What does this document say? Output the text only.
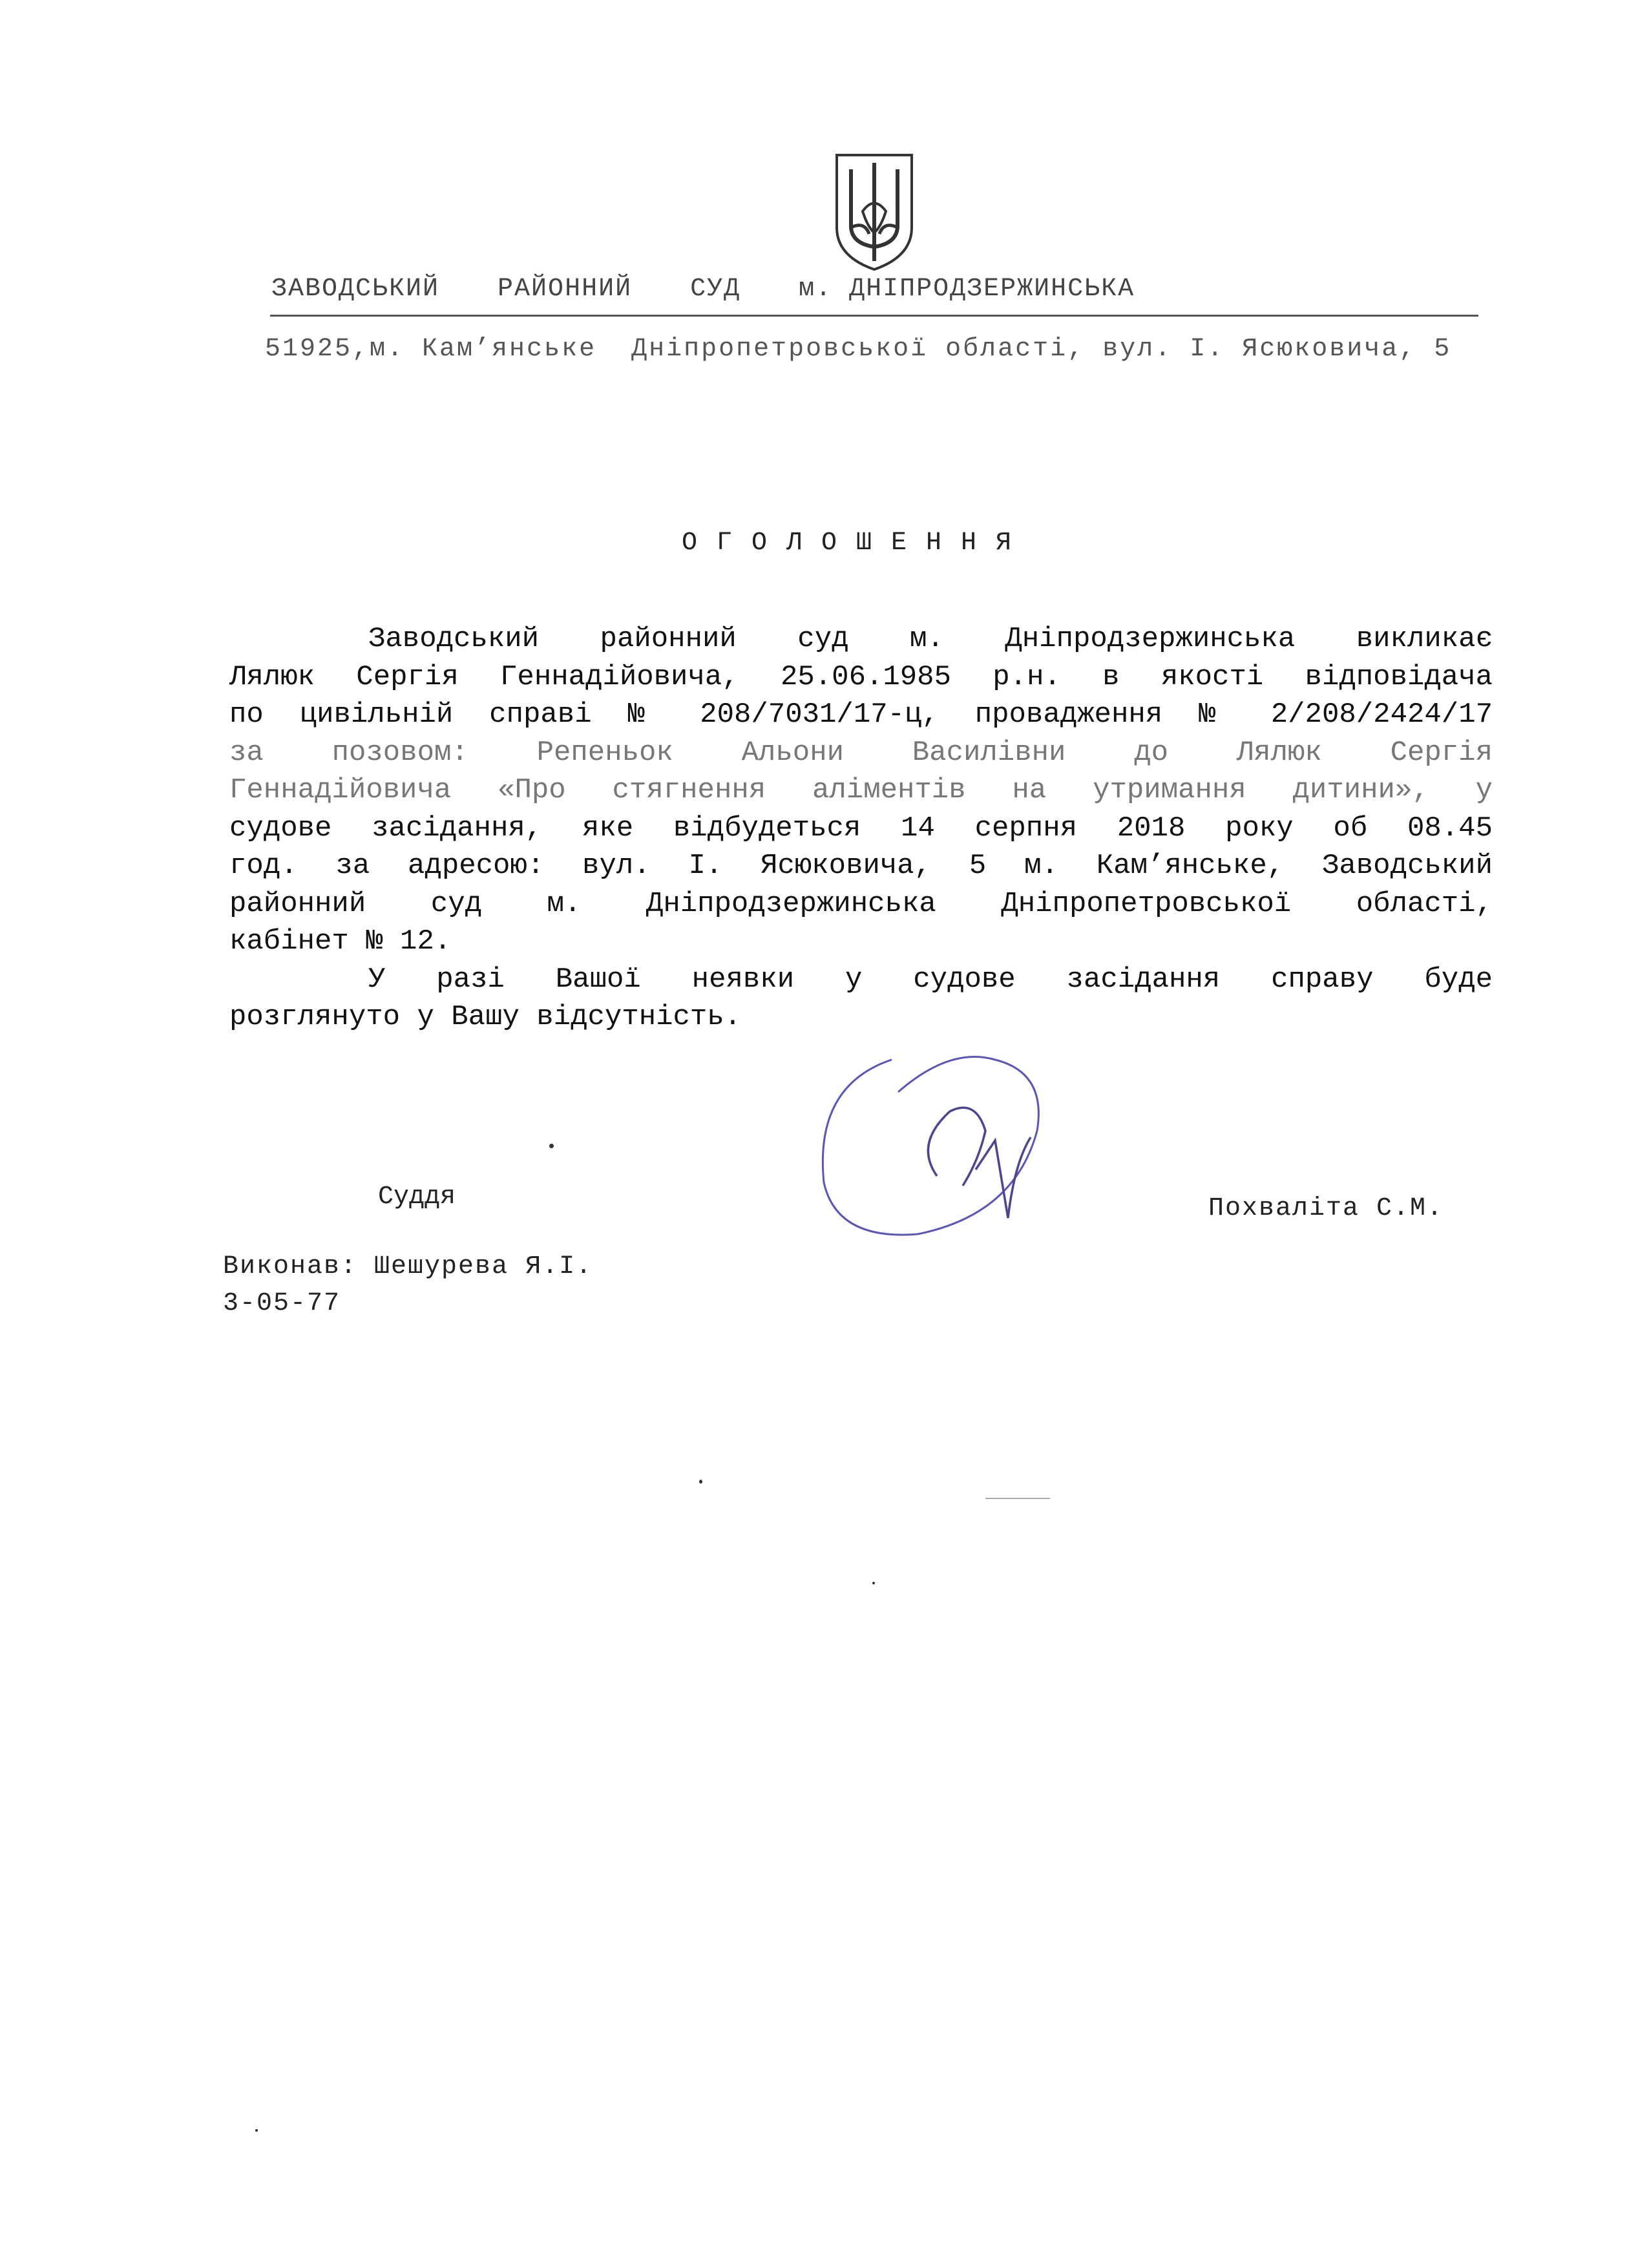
ЗАВОДСЬКИЙ РАЙОННИЙ СУД м. ДНІПРОДЗЕРЖИНСЬКА
51925,м. Кам’янське  Дніпропетровської області, вул. І. Ясюковича, 5
ОГОЛОШЕННЯ

Заводський районний суд м. Дніпродзержинська викликає

Лялюк Сергія Геннадійовича, 25.06.1985 р.н. в якості відповідача

по цивільній справі № 208/7031/17-ц, провадження № 2/208/2424/17

за позовом: Репеньок Альони Василівни до Лялюк Сергія

Геннадійовича «Про стягнення аліментів на утримання дитини», у

судове засідання, яке відбудеться 14 серпня 2018 року об 08.45

год. за адресою: вул. І. Ясюковича, 5 м. Кам’янське, Заводський

районний суд м. Дніпродзержинська Дніпропетровської області,

кабінет № 12.

У разі Вашої неявки у судове засідання справу буде

розглянуто у Вашу відсутність.

Суддя	Похваліта С.М.
Виконав: Шешурева Я.І.
3-05-77
